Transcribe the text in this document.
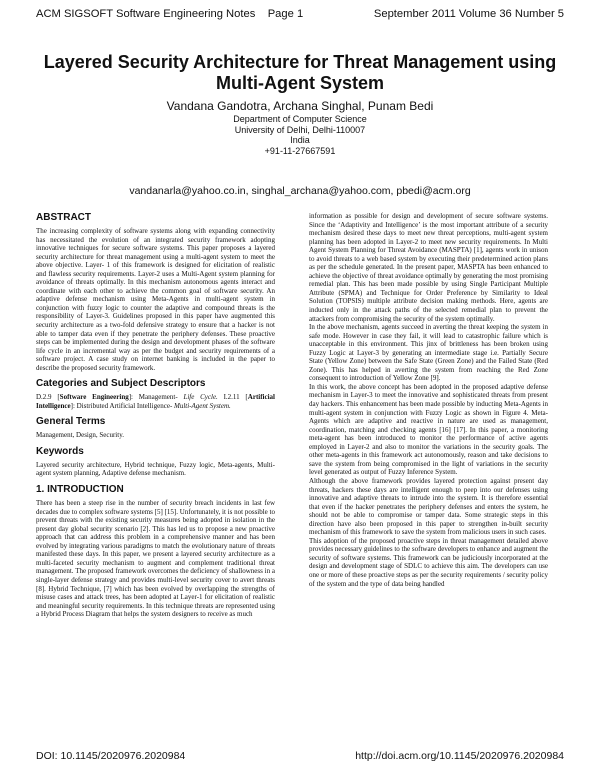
ACM SIGSOFT Software Engineering Notes    Page 1	September 2011 Volume 36 Number 5
Layered Security Architecture for Threat Management using Multi-Agent System
Vandana Gandotra, Archana Singhal, Punam Bedi
Department of Computer Science
University of Delhi, Delhi-110007
India
+91-11-27667591
vandanarla@yahoo.co.in, singhal_archana@yahoo.com, pbedi@acm.org
ABSTRACT

The increasing complexity of software systems along with expanding connectivity has necessitated the evolution of an integrated security framework adopting innovative techniques for secure software systems. This paper proposes a layered security architecture for threat management using a multi-agent system to meet the above objective. Layer- 1 of this framework is designed for elicitation of realistic and flawless security requirements. Layer-2 uses a Multi-Agent system planning for avoidance of threats optimally. In this mechanism autonomous agents interact and coordinate with each other to achieve the common goal of software security. An adaptive defense mechanism using Meta-Agents in multi-agent system in conjunction with fuzzy logic to counter the adaptive and compound threats is the responsibility of Layer-3. Guidelines proposed in this paper have augmented this security architecture as a two-fold defensive strategy to ensure that a hacker is not able to tamper data even if they penetrate the periphery defenses. These proactive steps can be implemented during the design and development phases of the software life cycle in an incremental way as per the budget and security requirements of a software project. A case study on internet banking is included in the paper to describe the proposed security framework.

Categories and Subject Descriptors

D.2.9 [Software Engineering]: Management- Life Cycle. I.2.11 [Artificial Intelligence]: Distributed Artificial Intelligence- Multi-Agent System.

General Terms

Management, Design, Security.

Keywords

Layered security architecture, Hybrid technique, Fuzzy logic, Meta-agents, Multi-agent system planning, Adaptive defense mechanism.

1. INTRODUCTION

There has been a steep rise in the number of security breach incidents in last few decades due to complex software systems [5] [15]. Unfortunately, it is not possible to prevent threats with the existing security measures being adopted in isolation in the present day global security scenario [2]. This has led us to propose a new proactive approach that can address this problem in a comprehensive manner and has been evolved by integrating various paradigms to match the evolutionary nature of threats manifested these days. In this paper, we present a layered security architecture as a multi-faceted security mechanism to augment and complement traditional threat management. The proposed framework overcomes the deficiency of shallowness in a single-layer defense strategy and provides multi-level security cover to avert threats [8]. Hybrid Technique, [7] which has been evolved by overlapping the strengths of misuse cases and attack trees, has been adopted at Layer-1 for elicitation of realistic and meaningful security requirements. In this technique threats are represented using a Hybrid Process Diagram that helps the system designers to receive as much

information as possible for design and development of secure software systems. Since the ‘Adaptivity and Intelligence’ is the most important attribute of a security mechanism desired these days to meet new threat perceptions, multi-agent system planning has been adopted in Layer-2 to meet new security requirements. In Multi Agent System Planning for Threat Avoidance (MASPTA) [1], agents work in unison to avoid threats to a web based system by executing their predetermined action plans as per the schedule generated. In the present paper, MASPTA has been enhanced to achieve the objective of threat avoidance optimally by generating the most promising remedial plan. This has been made possible by using Single Participant Multiple Attribute (SPMA) and Technique for Order Preference by Similarity to Ideal Solution (TOPSIS) multiple attribute decision making methods. Here, agents are inducted only in the attack paths of the selected remedial plan to prevent the attackers from compromising the security of the system optimally.

In the above mechanism, agents succeed in averting the threat keeping the system in safe mode. However in case they fail, it will lead to catastrophic failure which is unacceptable in this environment. This jinx of brittleness has been broken using Fuzzy Logic at Layer-3 by generating an intermediate stage i.e. Partially Secure State (Yellow Zone) between the Safe State (Green Zone) and the Failed State (Red Zone). This has helped in averting the system from reaching the Red Zone consequent to introduction of Yellow Zone [9].

In this work, the above concept has been adopted in the proposed adaptive defense mechanism in Layer-3 to meet the innovative and sophisticated threats from present day hackers. This enhancement has been made possible by inducting Meta-Agents in multi-agent system in conjunction with Fuzzy Logic as shown in Figure 4. Meta- Agents which are adaptive and reactive in nature are used as management, coordination, matching and checking agents [16] [17]. In this paper, a monitoring meta-agent has been introduced to monitor the performance of active agents employed in Layer-2 and also to monitor the variations in the security goals. The other meta-agents in this framework act autonomously, reason and take decisions to save the system from being compromised in the light of variations in the security level generated as output of Fuzzy Inference System.

Although the above framework provides layered protection against present day threats, hackers these days are intelligent enough to peep into our defenses using innovative and adaptive threats to intrude into the system. It is therefore essential that even if the hacker penetrates the periphery defenses and enters the system, he should not be able to compromise or tamper data. Some strategic steps in this direction have also been proposed in this paper to strengthen in-built security mechanism of this framework to save the system from malicious users in such cases.

This adoption of the proposed proactive steps in threat management detailed above provides necessary guidelines to the software developers to enhance and augment the security of software systems. This framework can be judiciously incorporated at the design and development stage of SDLC to achieve this aim. The developers can use one or more of these proactive steps as per the security requirements / security policy of the system and the type of data being handled

DOI: 10.1145/2020976.2020984	http://doi.acm.org/10.1145/2020976.2020984
